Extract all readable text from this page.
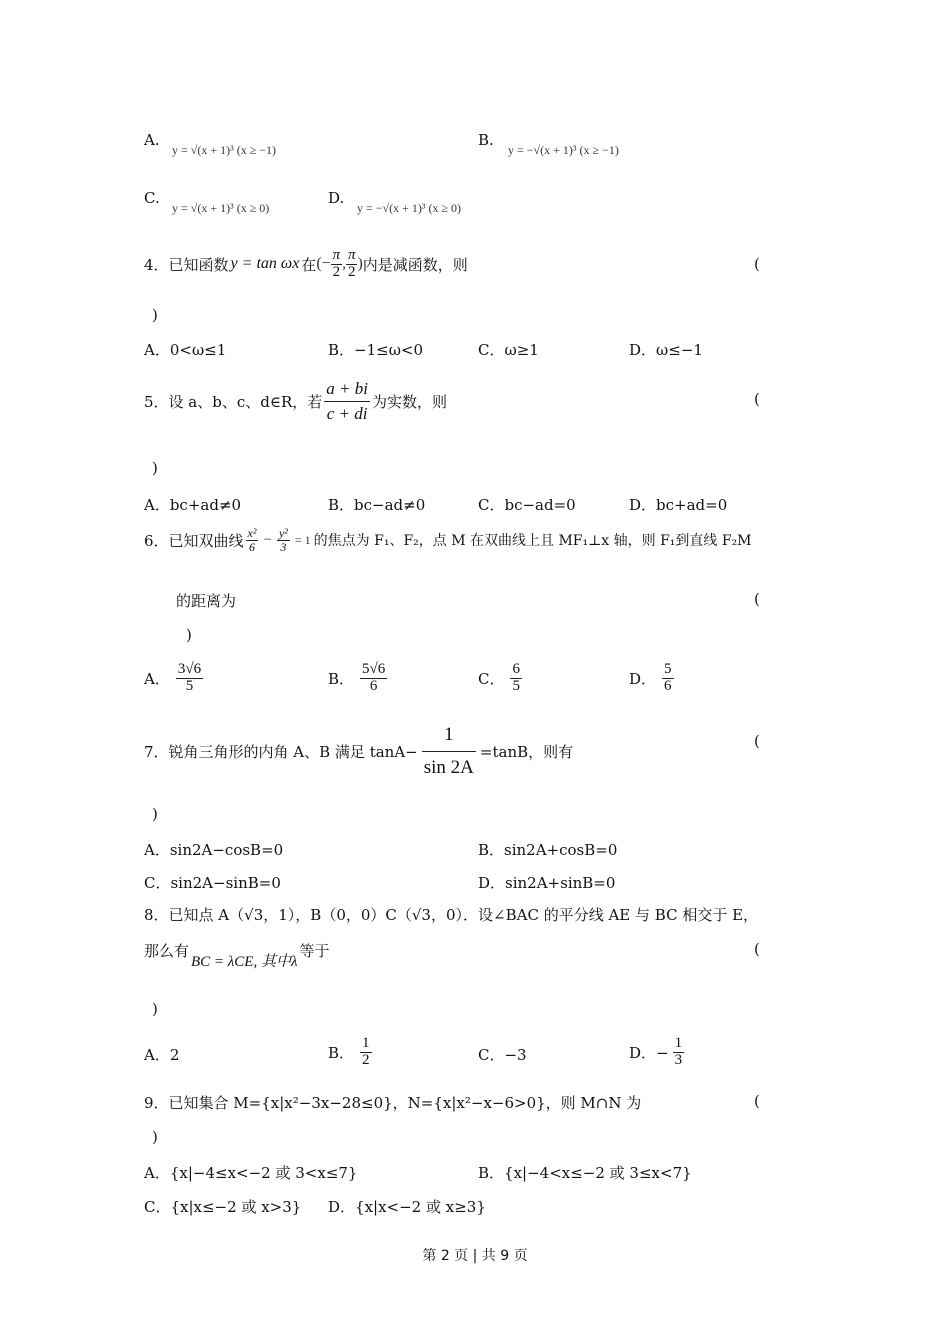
A.
y = √(x + 1)³ (x ≥ −1)
B.
y = −√(x + 1)³ (x ≥ −1)
C.
y = √(x + 1)³ (x ≥ 0)
D.
y = −√(x + 1)³ (x ≥ 0)
4．已知函数 y = tan ωx 在 (− $\frac{\pi}{2}$ , $\frac{\pi}{2}$ ) 内是减函数，则	(
)
A．0<ω≤1	B．−1≤ω<0	C．ω≥1	D．ω≤−1
5．设 a、b、c、d∈R，若 $\frac{a + bi}{c + di}$ 为实数，则	(
)
A．bc+ad≠0	B．bc−ad≠0	C．bc−ad=0	D．bc+ad=0
6．已知双曲线 $\frac{\text{x²}}{6} - \frac{\text{y²}}{3} = 1$ 的焦点为 F₁、F₂，点 M 在双曲线上且 MF₁⊥x 轴，则 F₁到直线 F₂M
的距离为	(
)
A． $\frac{3√6}{5}$	B． $\frac{5√6}{6}$	C． $\frac{6}{5}$	D． $\frac{5}{6}$
7．锐角三角形的内角 A、B 满足 $\tan A- \frac{1}{\sin 2A} =\tan B$，则有
(
)
A．sin2A−cosB=0	B．sin2A+cosB=0
C．sin2A−sinB=0	D．sin2A+sinB=0
8．已知点 A（√3，1），B（0，0）C（√3，0）．设∠BAC 的平分线 AE 与 BC 相交于 E，
那么有
BC = λCE, 其中λ
等于	(
)
A．2	B． $\frac{1}{2}$	C．−3	D．− $\frac{1}{3}$
9．已知集合 M={x|x²−3x−28≤0}，N={x|x²−x−6>0}，则 M∩N 为	(
)
A．{x|−4≤x<−2 或 3<x≤7}	B．{x|−4<x≤−2 或 3≤x<7}
C．{x|x≤−2 或 x>3} D．{x|x<−2 或 x≥3}
第 2 页 | 共 9 页
